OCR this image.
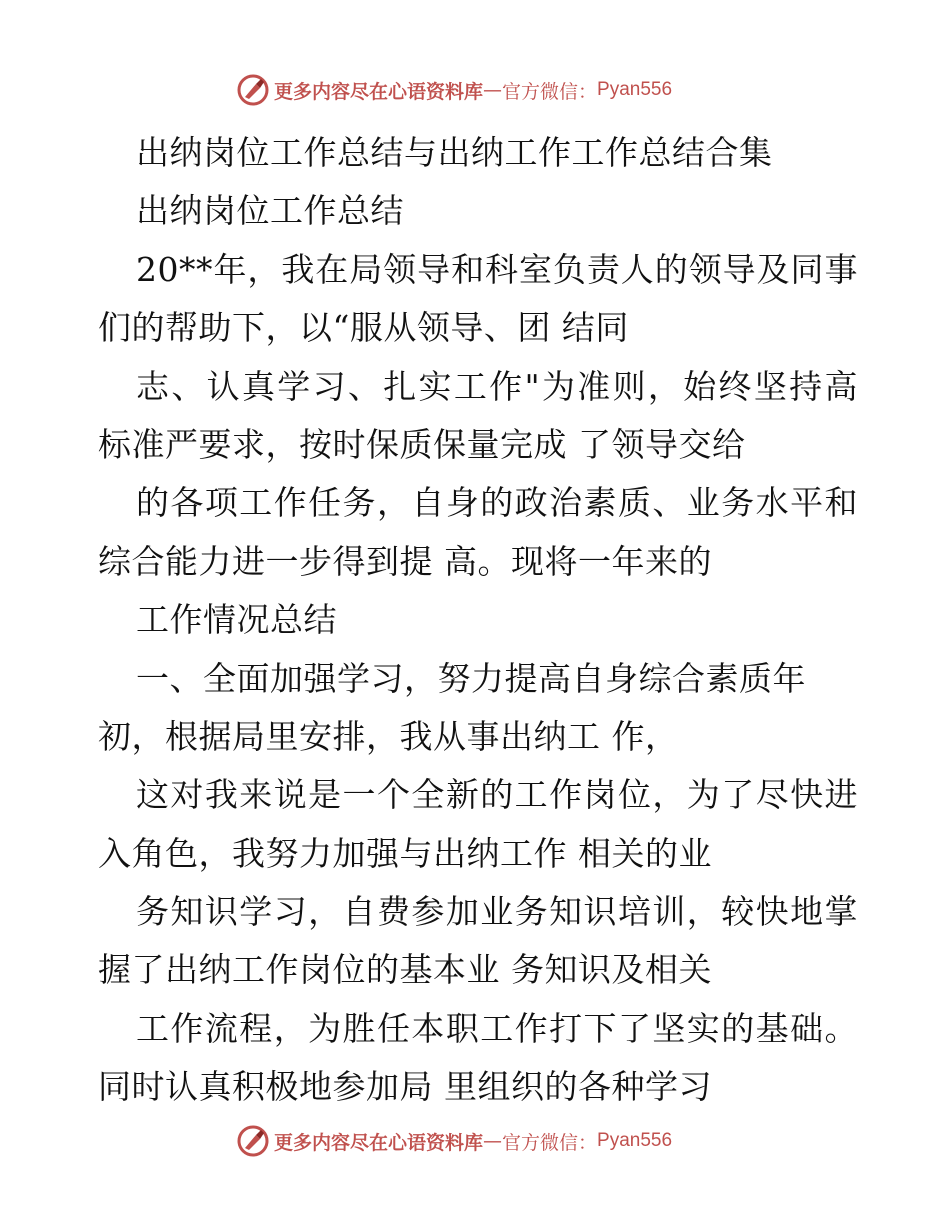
更多内容尽在心语资料库 — 官方微信： Pyan556
出纳岗位工作总结与出纳工作工作总结合集
出纳岗位工作总结
20**年，我在局领导和科室负责人的领导及同事
们的帮助下，以“服从领导、团 结同
志、认真学习、扎实工作"为准则，始终坚持高
标准严要求，按时保质保量完成 了领导交给
的各项工作任务，自身的政治素质、业务水平和
综合能力进一步得到提 高。现将一年来的
工作情况总结
一、全面加强学习，努力提高自身综合素质年
初，根据局里安排，我从事出纳工 作，
这对我来说是一个全新的工作岗位，为了尽快进
入角色，我努力加强与出纳工作 相关的业
务知识学习，自费参加业务知识培训，较快地掌
握了出纳工作岗位的基本业 务知识及相关
工作流程，为胜任本职工作打下了坚实的基础。
同时认真积极地参加局 里组织的各种学习
更多内容尽在心语资料库 — 官方微信： Pyan556
